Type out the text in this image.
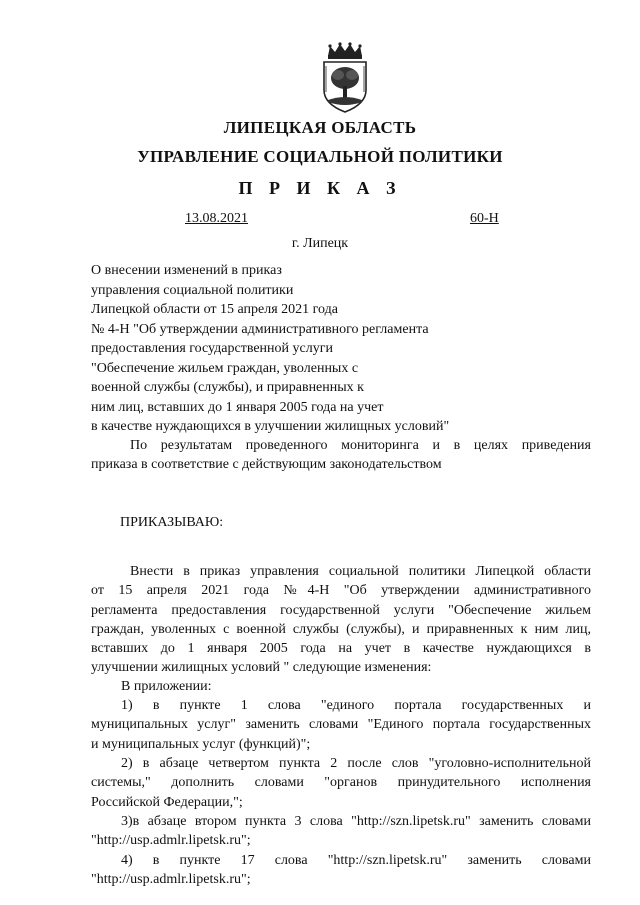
ЛИПЕЦКАЯ ОБЛАСТЬ
УПРАВЛЕНИЕ СОЦИАЛЬНОЙ ПОЛИТИКИ
П Р И К А З
13.08.2021	60-Н
г. Липецк
О внесении изменений в приказ
управления социальной политики
Липецкой области от 15 апреля 2021 года
№ 4-Н "Об утверждении административного регламента
предоставления государственной услуги
"Обеспечение жильем граждан, уволенных с
военной службы (службы), и приравненных к
ним лиц, вставших до 1 января 2005 года на учет
в качестве нуждающихся в улучшении жилищных условий"
По результатам проведенного мониторинга и в целях приведения
приказа в соответствие с действующим законодательством
ПРИКАЗЫВАЮ:
Внести в приказ управления социальной политики Липецкой области
от 15 апреля 2021 года №4-Н "Об утверждении административного
регламента предоставления государственной услуги "Обеспечение жильем
граждан, уволенных с военной службы (службы), и приравненных к ним лиц,
вставших до 1 января 2005 года на учет в качестве нуждающихся в
улучшении жилищных условий " следующие изменения:
В приложении:
1) в пункте 1 слова "единого портала государственных и
муниципальных услуг" заменить словами "Единого портала государственных
и муниципальных услуг (функций)";
2) в абзаце четвертом пункта 2 после слов "уголовно-исполнительной
системы," дополнить словами "органов принудительного исполнения
Российской Федерации,";
3)в абзаце втором пункта 3 слова "http://szn.lipetsk.ru" заменить словами
"http://usp.admlr.lipetsk.ru";
4) в пункте 17 слова "http://szn.lipetsk.ru" заменить словами
"http://usp.admlr.lipetsk.ru";
